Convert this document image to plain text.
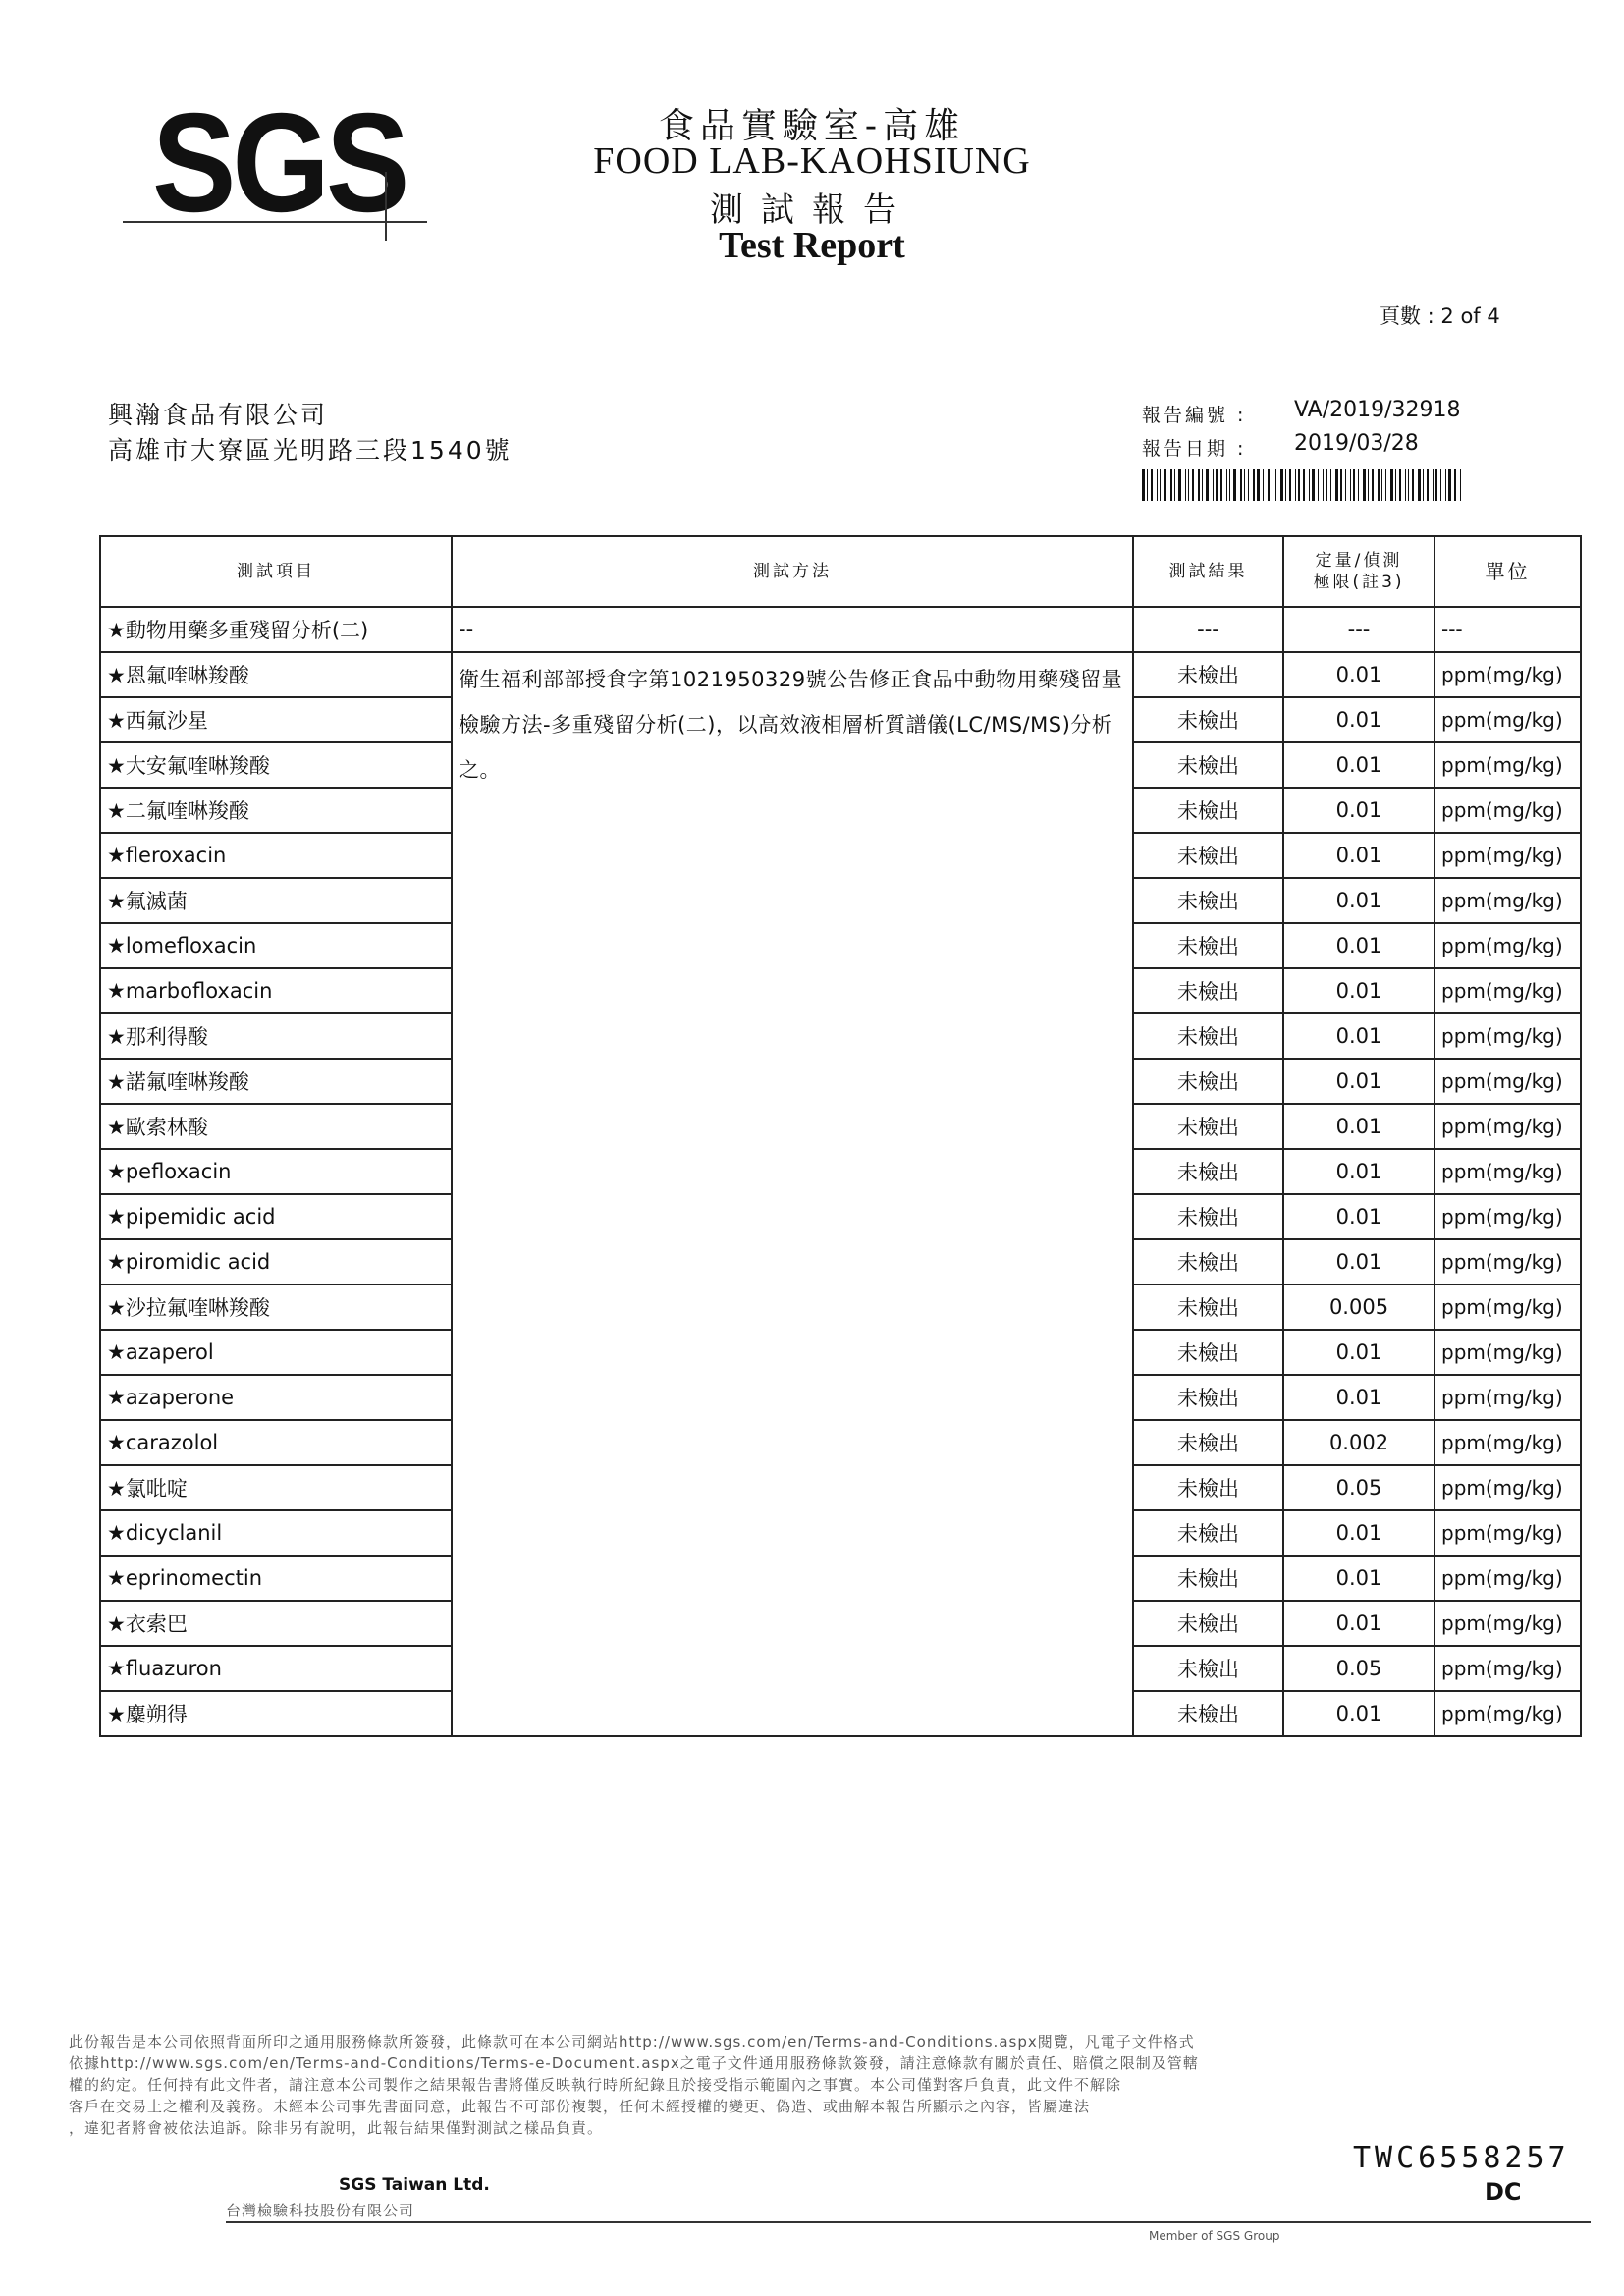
SGS	食品實驗室-高雄
FOOD LAB-KAOHSIUNG
測試報告
Test Report
頁數 : 2 of 4
興瀚食品有限公司
高雄市大寮區光明路三段1540號
報告編號 : VA/2019/32918
報告日期 : 2019/03/28
測試項目	測試方法	測試結果	定量/偵測
極限(註3)	單位
★動物用藥多重殘留分析(二)	--	---	---	---
★恩氟喹啉羧酸	衛生福利部部授食字第1021950329號公告修正食品中動物用藥殘留量檢驗方法-多重殘留分析(二)，以高效液相層析質譜儀(LC/MS/MS)分析之。	未檢出	0.01	ppm(mg/kg)
★西氟沙星		未檢出	0.01	ppm(mg/kg)
★大安氟喹啉羧酸		未檢出	0.01	ppm(mg/kg)
★二氟喹啉羧酸		未檢出	0.01	ppm(mg/kg)
★fleroxacin		未檢出	0.01	ppm(mg/kg)
★氟滅菌		未檢出	0.01	ppm(mg/kg)
★lomefloxacin		未檢出	0.01	ppm(mg/kg)
★marbofloxacin		未檢出	0.01	ppm(mg/kg)
★那利得酸		未檢出	0.01	ppm(mg/kg)
★諾氟喹啉羧酸		未檢出	0.01	ppm(mg/kg)
★歐索林酸		未檢出	0.01	ppm(mg/kg)
★pefloxacin		未檢出	0.01	ppm(mg/kg)
★pipemidic acid		未檢出	0.01	ppm(mg/kg)
★piromidic acid		未檢出	0.01	ppm(mg/kg)
★沙拉氟喹啉羧酸		未檢出	0.005	ppm(mg/kg)
★azaperol		未檢出	0.01	ppm(mg/kg)
★azaperone		未檢出	0.01	ppm(mg/kg)
★carazolol		未檢出	0.002	ppm(mg/kg)
★氯吡啶		未檢出	0.05	ppm(mg/kg)
★dicyclanil		未檢出	0.01	ppm(mg/kg)
★eprinomectin		未檢出	0.01	ppm(mg/kg)
★衣索巴		未檢出	0.01	ppm(mg/kg)
★fluazuron		未檢出	0.05	ppm(mg/kg)
★麋朔得		未檢出	0.01	ppm(mg/kg)
此份報告是本公司依照背面所印之通用服務條款所簽發，此條款可在本公司網站http://www.sgs.com/en/Terms-and-Conditions.aspx閱覽，凡電子文件格式
依據http://www.sgs.com/en/Terms-and-Conditions/Terms-e-Document.aspx之電子文件通用服務條款簽發，請注意條款有關於責任、賠償之限制及管轄
權的約定。任何持有此文件者，請注意本公司製作之結果報告書將僅反映執行時所紀錄且於接受指示範圍內之事實。本公司僅對客戶負責，此文件不解除
客戶在交易上之權利及義務。未經本公司事先書面同意，此報告不可部份複製，任何未經授權的變更、偽造、或曲解本報告所顯示之內容，皆屬違法
，違犯者將會被依法追訴。除非另有說明，此報告結果僅對測試之樣品負責。
TWC6558257
SGS Taiwan Ltd.
台灣檢驗科技股份有限公司
DC
Member of SGS Group
